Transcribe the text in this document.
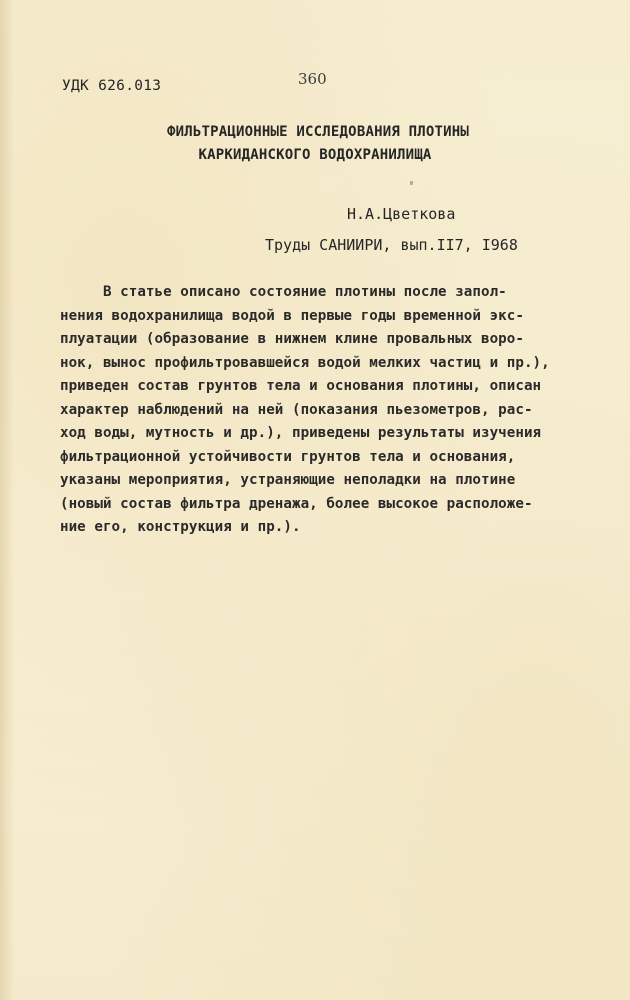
УДК 626.013	360
ФИЛЬТРАЦИОННЫЕ ИССЛЕДОВАНИЯ ПЛОТИНЫ
КАРКИДАНСКОГО ВОДОХРАНИЛИЩА
Н.А.Цветкова
Труды САНИИРИ, вып.II7, I968
В статье описано состояние плотины после запол-
нения водохранилища водой в первые годы временной экс-
плуатации (образование в нижнем клине провальных воро-
нок, вынос профильтровавшейся водой мелких частиц и пр.),
приведен состав грунтов тела и основания плотины, описан
характер наблюдений на ней (показания пьезометров, рас-
ход воды, мутность и др.), приведены результаты изучения
фильтрационной устойчивости грунтов тела и основания,
указаны мероприятия, устраняющие неполадки на плотине
(новый состав фильтра дренажа, более высокое расположе-
ние его, конструкция и пр.).
